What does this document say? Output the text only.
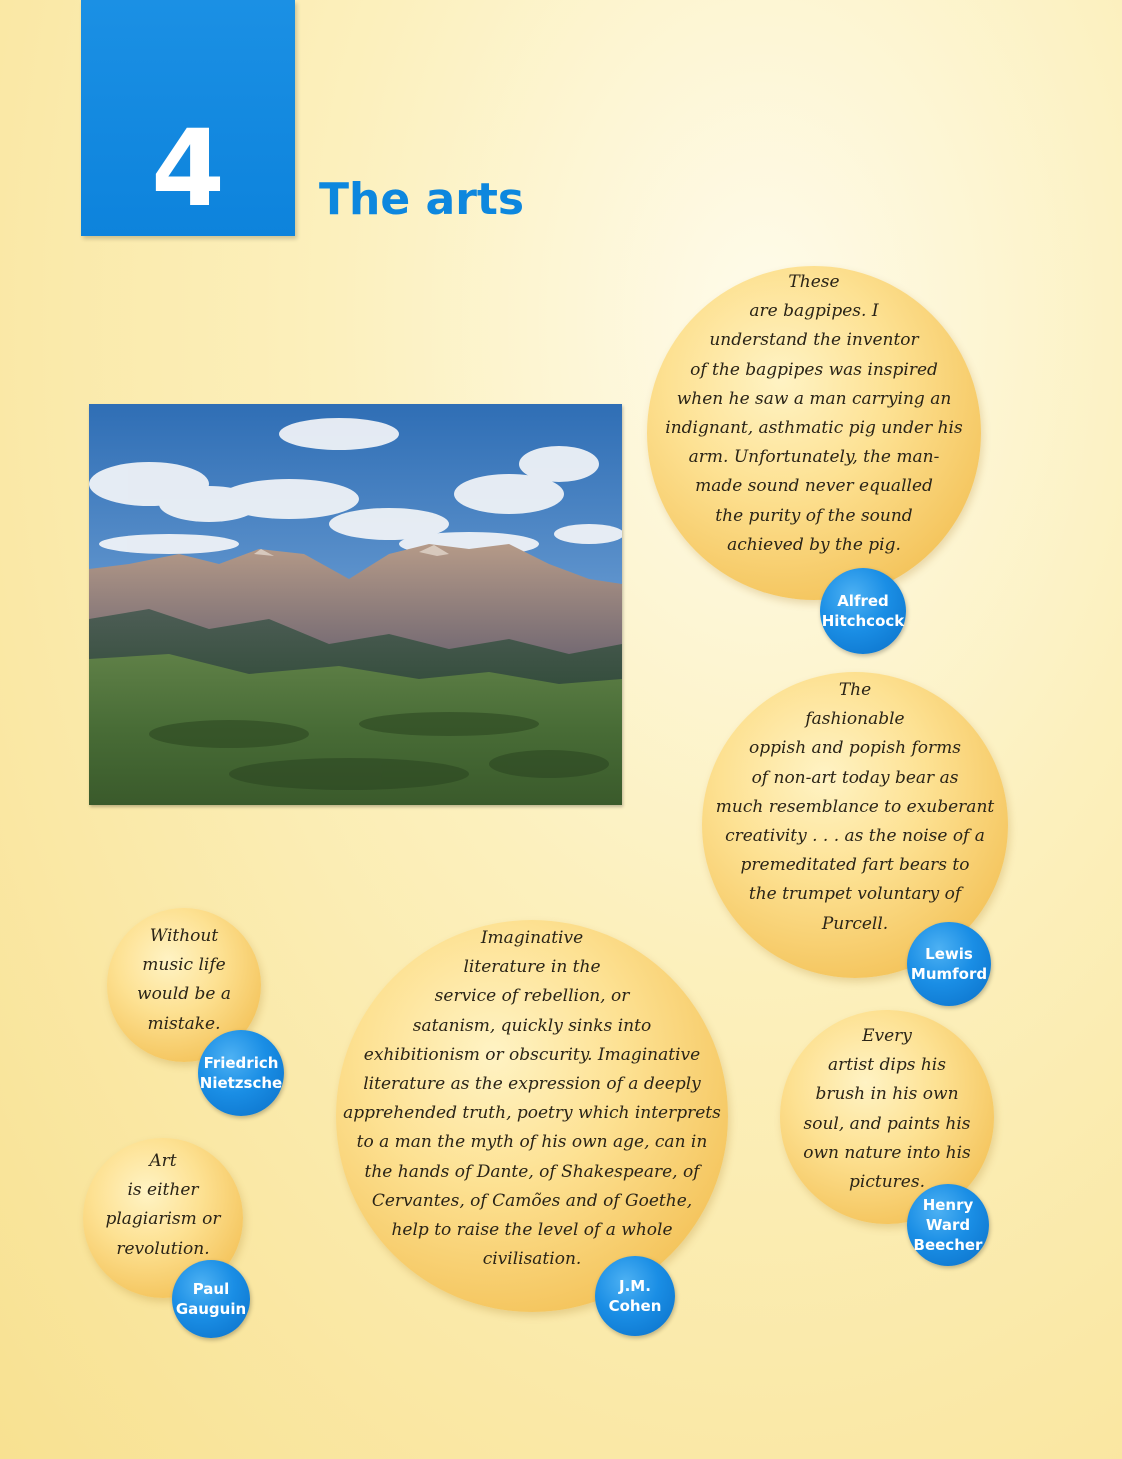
4	The arts

These
are bagpipes. I
understand the inventor
of the bagpipes was inspired
when he saw a man carrying an
indignant, asthmatic pig under his
arm. Unfortunately, the man-
made sound never equalled
the purity of the sound
achieved by the pig.

Alfred
Hitchcock

The
fashionable
oppish and popish forms
of non-art today bear as
much resemblance to exuberant
creativity . . . as the noise of a
premeditated fart bears to
the trumpet voluntary of
Purcell.

Lewis
Mumford

Without
music life
would be a
mistake.

Friedrich
Nietzsche

Imaginative
literature in the
service of rebellion, or
satanism, quickly sinks into
exhibitionism or obscurity. Imaginative
literature as the expression of a deeply
apprehended truth, poetry which interprets
to a man the myth of his own age, can in
the hands of Dante, of Shakespeare, of
Cervantes, of Camões and of Goethe,
help to raise the level of a whole
civilisation.

J.M.
Cohen

Every
artist dips his
brush in his own
soul, and paints his
own nature into his
pictures.

Henry
Ward
Beecher

Art
is either
plagiarism or
revolution.

Paul
Gauguin
